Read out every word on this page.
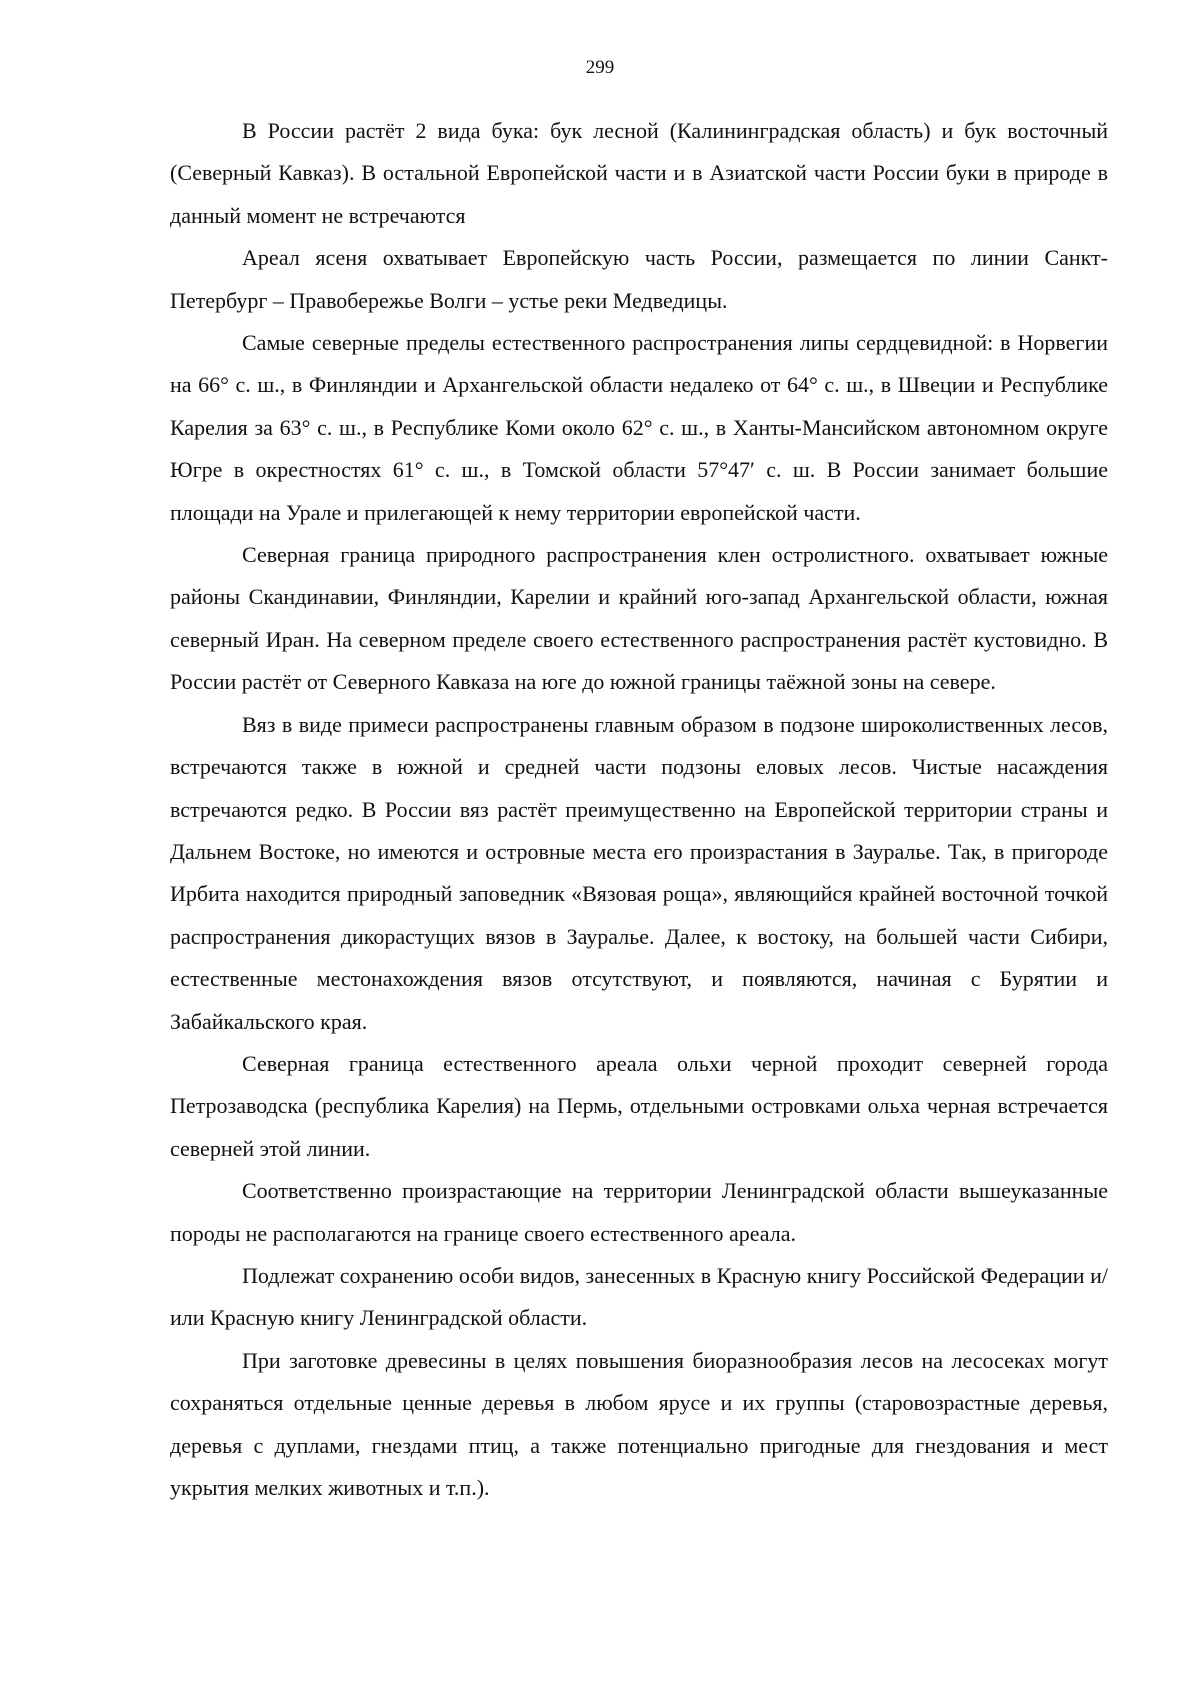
299

В России растёт 2 вида бука: бук лесной (Калининградская область) и бук восточный (Северный Кавказ). В остальной Европейской части и в Азиатской части России буки в природе в данный момент не встречаются

Ареал ясеня охватывает Европейскую часть России, размещается по линии Санкт-Петербург – Правобережье Волги – устье реки Медведицы.

Самые северные пределы естественного распространения липы сердцевидной: в Норвегии на 66° с. ш., в Финляндии и Архангельской области недалеко от 64° с. ш., в Швеции и Республике Карелия за 63° с. ш., в Республике Коми около 62° с. ш., в Ханты-Мансийском автономном округе Югре в окрестностях 61° с. ш., в Томской области 57°47′ с. ш. В России занимает большие площади на Урале и прилегающей к нему территории европейской части.

Северная граница природного распространения клен остролистного. охватывает южные районы Скандинавии, Финляндии, Карелии и крайний юго-запад Архангельской области, южная северный Иран. На северном пределе своего естественного распространения растёт кустовидно. В России растёт от Северного Кавказа на юге до южной границы таёжной зоны на севере.

Вяз в виде примеси распространены главным образом в подзоне широколиственных лесов, встречаются также в южной и средней части подзоны еловых лесов. Чистые насаждения встречаются редко. В России вяз растёт преимущественно на Европейской территории страны и Дальнем Востоке, но имеются и островные места его произрастания в Зауралье. Так, в пригороде Ирбита находится природный заповедник «Вязовая роща», являющийся крайней восточной точкой распространения дикорастущих вязов в Зауралье. Далее, к востоку, на большей части Сибири, естественные местонахождения вязов отсутствуют, и появляются, начиная с Бурятии и Забайкальского края.

Северная граница естественного ареала ольхи черной проходит северней города Петрозаводска (республика Карелия) на Пермь, отдельными островками ольха черная встречается северней этой линии.

Соответственно произрастающие на территории Ленинградской области вышеуказанные породы не располагаются на границе своего естественного ареала.

Подлежат сохранению особи видов, занесенных в Красную книгу Российской Федерации и/или Красную книгу Ленинградской области.

При заготовке древесины в целях повышения биоразнообразия лесов на лесосеках могут сохраняться отдельные ценные деревья в любом ярусе и их группы (старовозрастные деревья, деревья с дуплами, гнездами птиц, а также потенциально пригодные для гнездования и мест укрытия мелких животных и т.п.).
